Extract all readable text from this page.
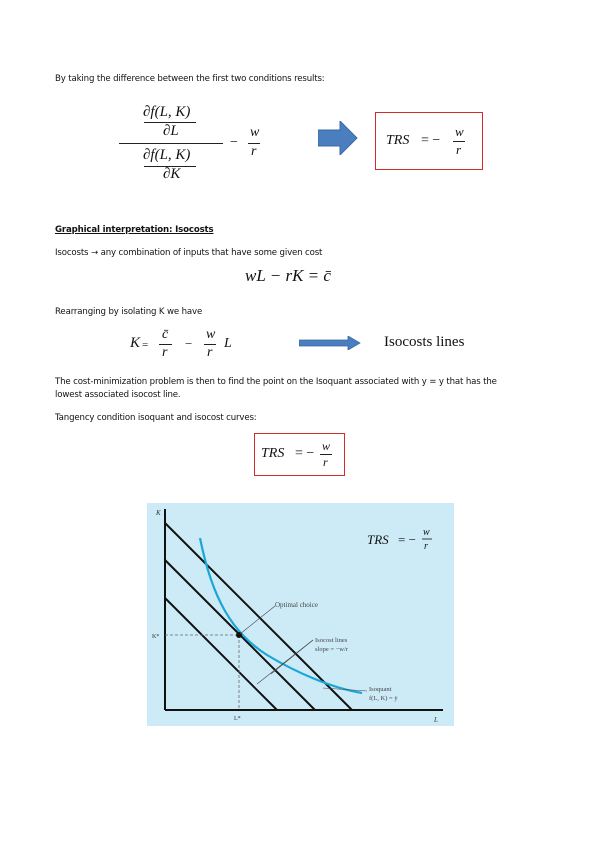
By taking the difference between the first two conditions results:
∂f(L, K)
∂L
∂f(L, K)
∂K
−
w
r
TRS = −
w
r
Graphical interpretation: Isocosts
Isocosts → any combination of inputs that have some given cost
wL − rK = c̄
Rearranging by isolating K we have
K =
c̄
r
−
w
r
L	Isocosts lines
The cost-minimization problem is then to find the point on the Isoquant associated with y = y that has the
lowest associated isocost line.
Tangency condition isoquant and isocost curves:
TRS = − w
r
K
L
K*
L*
Optimal choice
Isocost lines
slope = −w/r
Isoquant
f(L, K) = ȳ
TRS = − w
r
